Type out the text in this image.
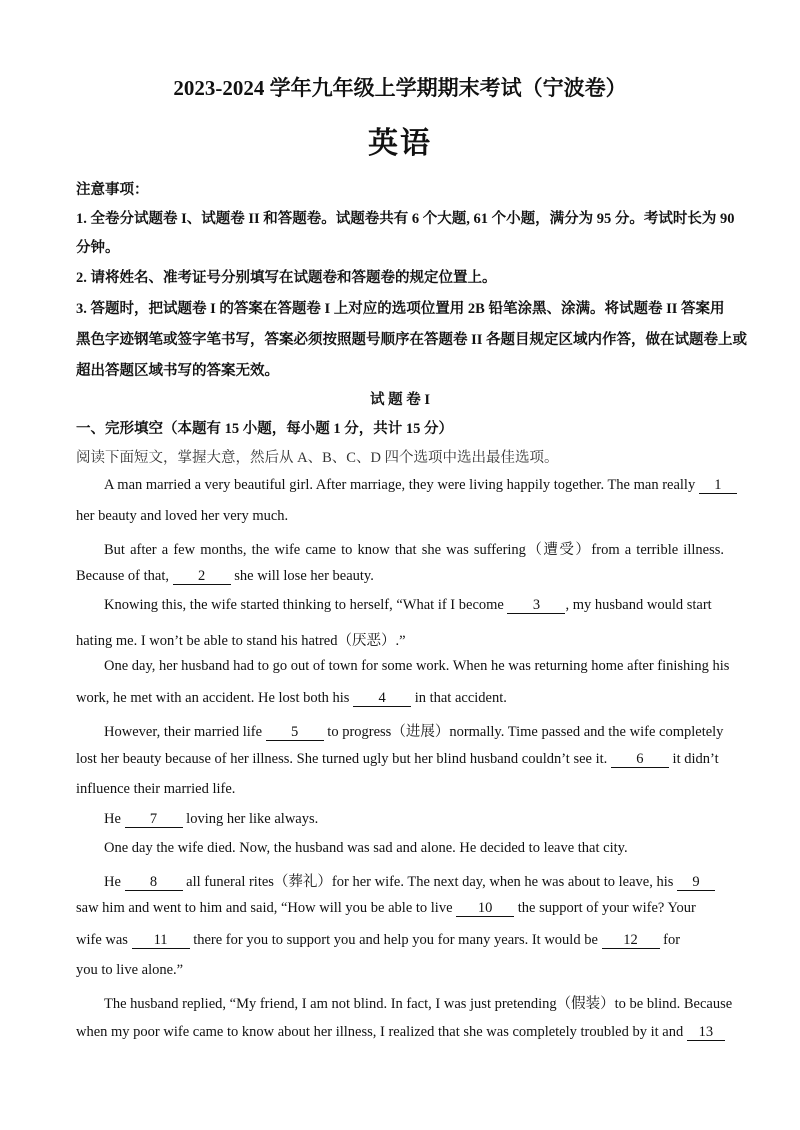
2023-2024 学年九年级上学期期末考试（宁波卷）
英语
注意事项：
1. 全卷分试题卷 I、试题卷 II 和答题卷。试题卷共有 6 个大题, 61 个小题，满分为 95 分。考试时长为 90
分钟。
2. 请将姓名、准考证号分别填写在试题卷和答题卷的规定位置上。
3. 答题时，把试题卷 I 的答案在答题卷 I 上对应的选项位置用 2B 铅笔涂黑、涂满。将试题卷 II 答案用
黑色字迹钢笔或签字笔书写，答案必须按照题号顺序在答题卷 II 各题目规定区域内作答，做在试题卷上或
超出答题区域书写的答案无效。
试 题 卷 I
一、完形填空（本题有 15 小题，每小题 1 分，共计 15 分）
阅读下面短文，掌握大意，然后从 A、B、C、D 四个选项中选出最佳选项。
A man married a very beautiful girl. After marriage, they were living happily together. The man really 1
her beauty and loved her very much.
But after a few months, the wife came to know that she was suffering（遭受）from a terrible illness.
Because of that, 2 she will lose her beauty.
Knowing this, the wife started thinking to herself, “What if I become 3 , my husband would start
hating me. I won’t be able to stand his hatred（厌恶）.”
One day, her husband had to go out of town for some work. When he was returning home after finishing his
work, he met with an accident. He lost both his 4 in that accident.
However, their married life 5 to progress（进展）normally. Time passed and the wife completely
lost her beauty because of her illness. She turned ugly but her blind husband couldn’t see it. 6 it didn’t
influence their married life.
He 7 loving her like always.
One day the wife died. Now, the husband was sad and alone. He decided to leave that city.
He 8 all funeral rites（葬礼）for her wife. The next day, when he was about to leave, his 9
saw him and went to him and said, “How will you be able to live 10 the support of your wife? Your
wife was 11 there for you to support you and help you for many years. It would be 12 for
you to live alone.”
The husband replied, “My friend, I am not blind. In fact, I was just pretending（假装）to be blind. Because
when my poor wife came to know about her illness, I realized that she was completely troubled by it and 13
